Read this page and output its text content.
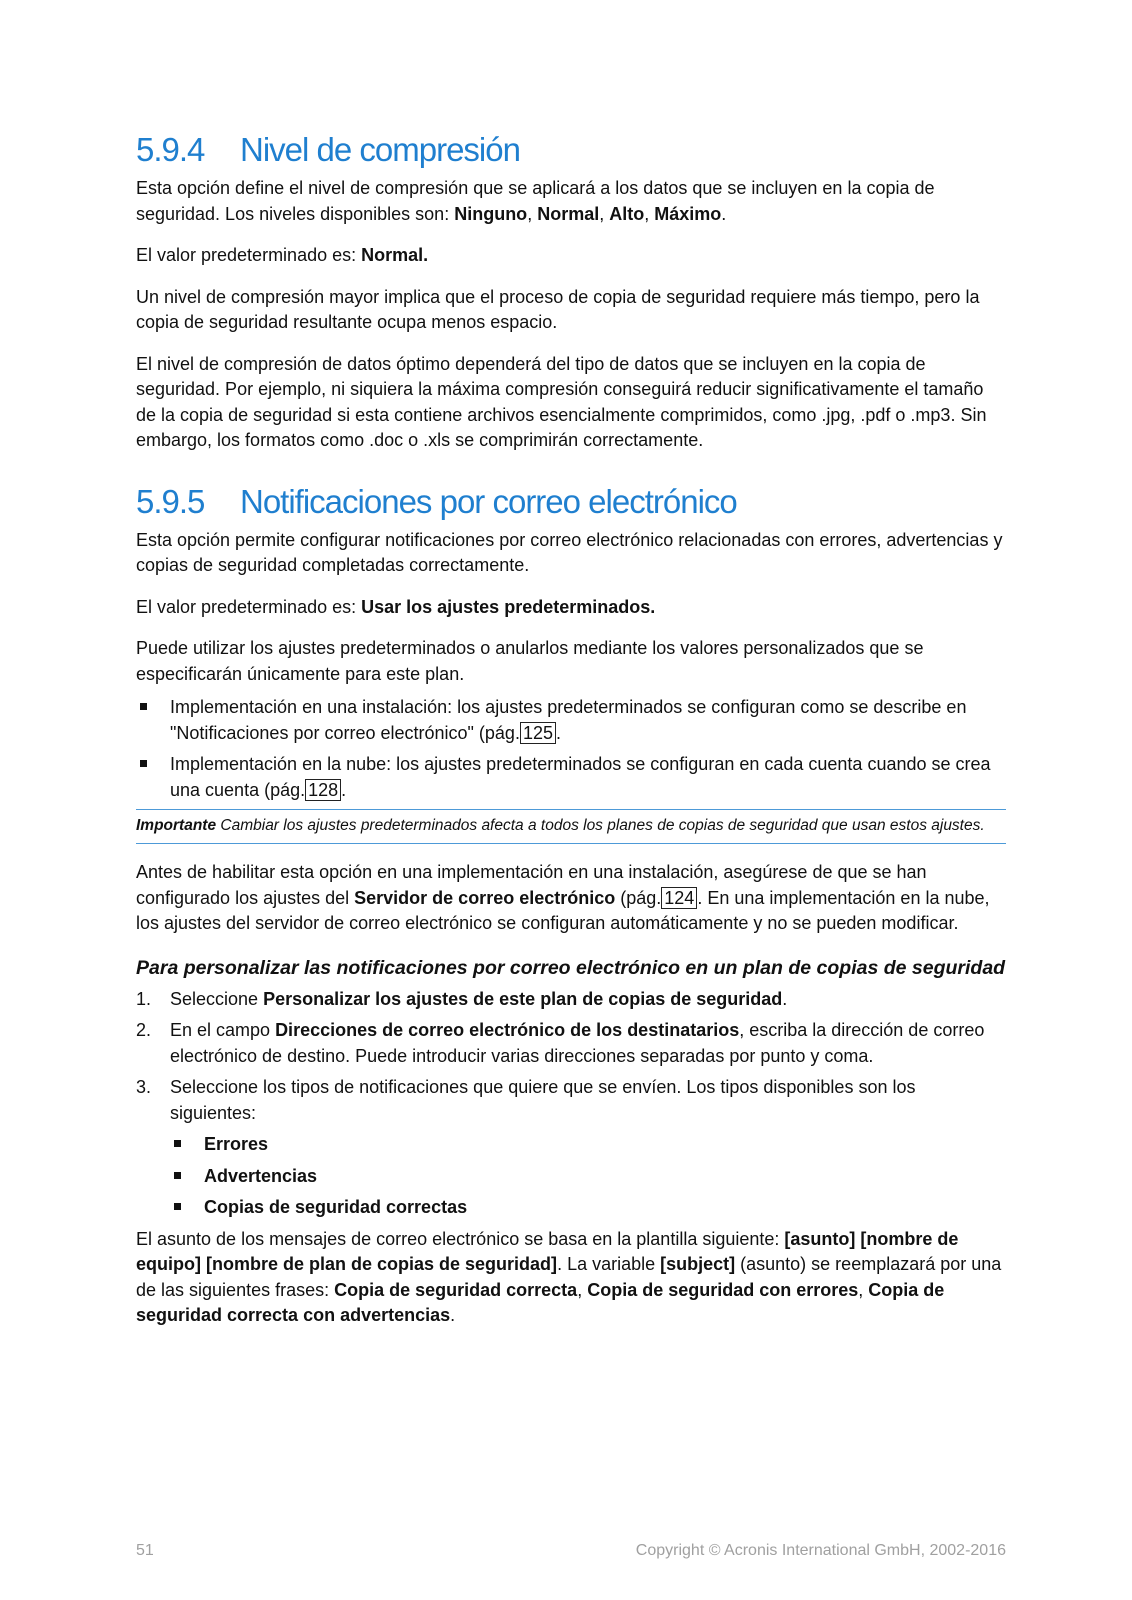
5.9.4	Nivel de compresión

Esta opción define el nivel de compresión que se aplicará a los datos que se incluyen en la copia de seguridad. Los niveles disponibles son: Ninguno, Normal, Alto, Máximo.

El valor predeterminado es: Normal.

Un nivel de compresión mayor implica que el proceso de copia de seguridad requiere más tiempo, pero la copia de seguridad resultante ocupa menos espacio.

El nivel de compresión de datos óptimo dependerá del tipo de datos que se incluyen en la copia de seguridad. Por ejemplo, ni siquiera la máxima compresión conseguirá reducir significativamente el tamaño de la copia de seguridad si esta contiene archivos esencialmente comprimidos, como .jpg, .pdf o .mp3. Sin embargo, los formatos como .doc o .xls se comprimirán correctamente.

5.9.5	Notificaciones por correo electrónico

Esta opción permite configurar notificaciones por correo electrónico relacionadas con errores, advertencias y copias de seguridad completadas correctamente.

El valor predeterminado es: Usar los ajustes predeterminados.

Puede utilizar los ajustes predeterminados o anularlos mediante los valores personalizados que se especificarán únicamente para este plan.

Implementación en una instalación: los ajustes predeterminados se configuran como se describe en "Notificaciones por correo electrónico" (pág. 125 .
Implementación en la nube: los ajustes predeterminados se configuran en cada cuenta cuando se crea una cuenta (pág. 128 .
Importante Cambiar los ajustes predeterminados afecta a todos los planes de copias de seguridad que usan estos ajustes.

Antes de habilitar esta opción en una implementación en una instalación, asegúrese de que se han configurado los ajustes del Servidor de correo electrónico (pág. 124 . En una implementación en la nube, los ajustes del servidor de correo electrónico se configuran automáticamente y no se pueden modificar.

Para personalizar las notificaciones por correo electrónico en un plan de copias de seguridad
1. Seleccione Personalizar los ajustes de este plan de copias de seguridad.
2. En el campo Direcciones de correo electrónico de los destinatarios, escriba la dirección de correo electrónico de destino. Puede introducir varias direcciones separadas por punto y coma.
3. Seleccione los tipos de notificaciones que quiere que se envíen. Los tipos disponibles son los siguientes:
Errores
Advertencias
Copias de seguridad correctas

El asunto de los mensajes de correo electrónico se basa en la plantilla siguiente: [asunto] [nombre de equipo] [nombre de plan de copias de seguridad]. La variable [subject] (asunto) se reemplazará por una de las siguientes frases: Copia de seguridad correcta, Copia de seguridad con errores, Copia de seguridad correcta con advertencias.

51	Copyright © Acronis International GmbH, 2002-2016
